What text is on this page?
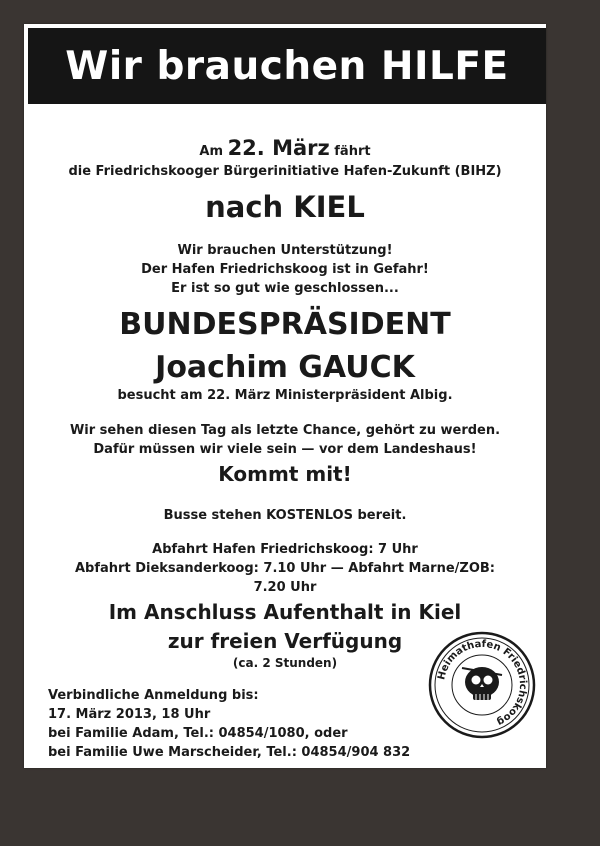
Wir brauchen HILFE
Am 22. März fährt
die Friedrichskooger Bürgerinitiative Hafen-Zukunft (BIHZ)
nach KIEL
Wir brauchen Unterstützung!
Der Hafen Friedrichskoog ist in Gefahr!
Er ist so gut wie geschlossen...
BUNDESPRÄSIDENT
Joachim GAUCK
besucht am 22. März Ministerpräsident Albig.
Wir sehen diesen Tag als letzte Chance, gehört zu werden.
Dafür müssen wir viele sein — vor dem Landeshaus!
Kommt mit!
Busse stehen KOSTENLOS bereit.
Abfahrt Hafen Friedrichskoog: 7 Uhr
Abfahrt Dieksanderkoog: 7.10 Uhr — Abfahrt Marne/ZOB:
7.20 Uhr
Im Anschluss Aufenthalt in Kiel
zur freien Verfügung
(ca. 2 Stunden)
Verbindliche Anmeldung bis:
17. März 2013, 18 Uhr
bei Familie Adam, Tel.: 04854/1080, oder
bei Familie Uwe Marscheider, Tel.: 04854/904 832
Heimathafen Friedrichskoog
